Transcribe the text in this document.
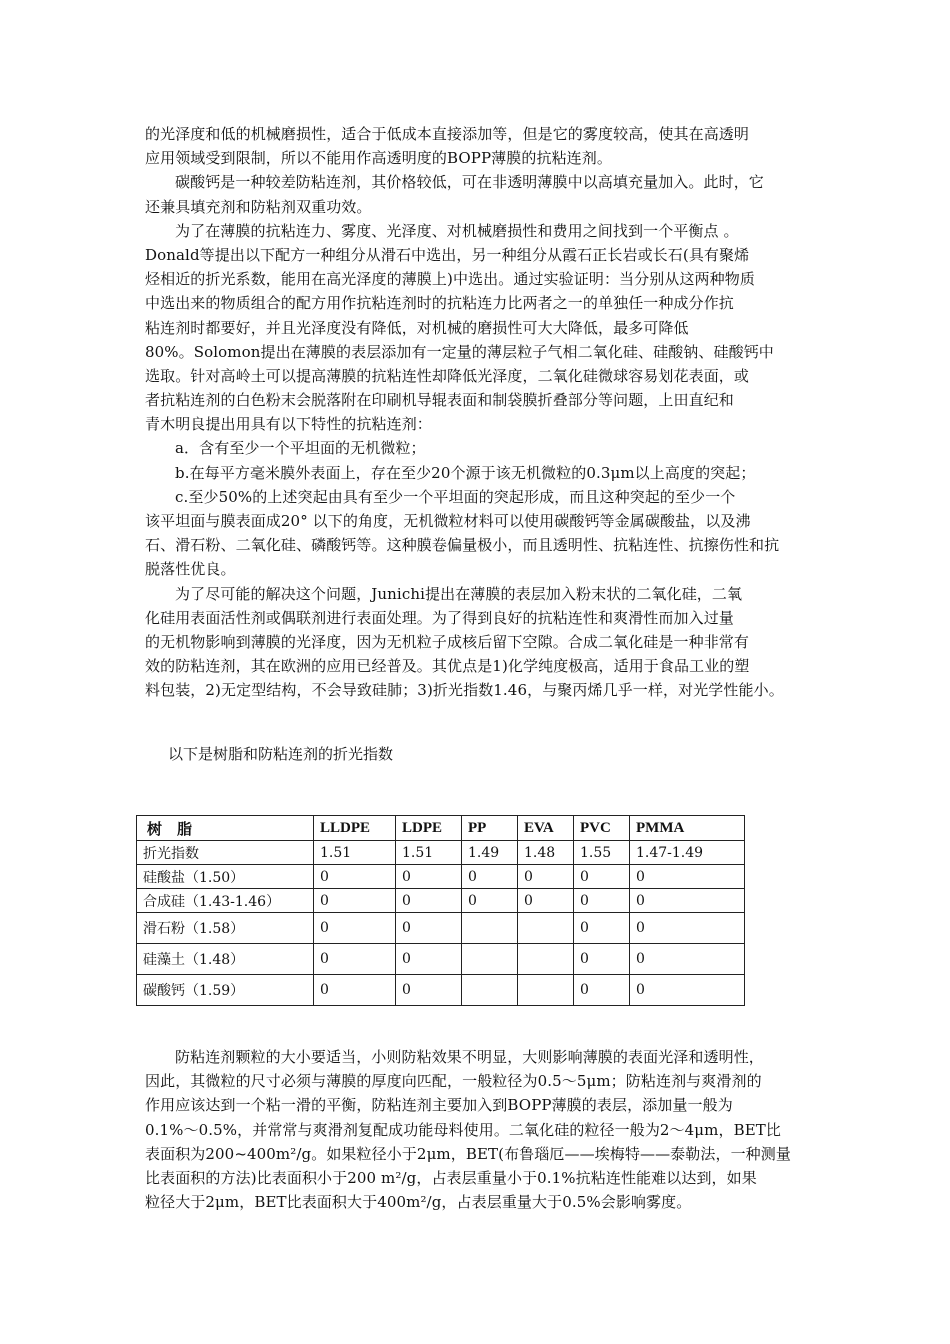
的光泽度和低的机械磨损性，适合于低成本直接添加等，但是它的雾度较高，使其在高透明
应用领域受到限制，所以不能用作高透明度的BOPP薄膜的抗粘连剂。
碳酸钙是一种较差防粘连剂，其价格较低，可在非透明薄膜中以高填充量加入。此时，它
还兼具填充剂和防粘剂双重功效。
为了在薄膜的抗粘连力、雾度、光泽度、对机械磨损性和费用之间找到一个平衡点 。
Donald等提出以下配方一种组分从滑石中选出，另一种组分从霞石正长岩或长石(具有聚烯
烃相近的折光系数，能用在高光泽度的薄膜上)中选出。通过实验证明：当分别从这两种物质
中选出来的物质组合的配方用作抗粘连剂时的抗粘连力比两者之一的单独任一种成分作抗
粘连剂时都要好，并且光泽度没有降低，对机械的磨损性可大大降低，最多可降低
80%。Solomon提出在薄膜的表层添加有一定量的薄层粒子气相二氧化硅、硅酸钠、硅酸钙中
选取。针对高岭土可以提高薄膜的抗粘连性却降低光泽度，二氧化硅微球容易划花表面，或
者抗粘连剂的白色粉末会脱落附在印刷机导辊表面和制袋膜折叠部分等问题，上田直纪和
青木明良提出用具有以下特性的抗粘连剂：
a．含有至少一个平坦面的无机微粒；
b.在每平方毫米膜外表面上，存在至少20个源于该无机微粒的0.3μm以上高度的突起；
c.至少50%的上述突起由具有至少一个平坦面的突起形成，而且这种突起的至少一个
该平坦面与膜表面成20° 以下的角度，无机微粒材料可以使用碳酸钙等金属碳酸盐，以及沸
石、滑石粉、二氧化硅、磷酸钙等。这种膜卷偏量极小，而且透明性、抗粘连性、抗擦伤性和抗
脱落性优良。
为了尽可能的解决这个问题，Junichi提出在薄膜的表层加入粉末状的二氧化硅，二氧
化硅用表面活性剂或偶联剂进行表面处理。为了得到良好的抗粘连性和爽滑性而加入过量
的无机物影响到薄膜的光泽度，因为无机粒子成核后留下空隙。合成二氧化硅是一种非常有
效的防粘连剂，其在欧洲的应用已经普及。其优点是1)化学纯度极高，适用于食品工业的塑
料包装，2)无定型结构，不会导致硅肺；3)折光指数1.46，与聚丙烯几乎一样，对光学性能小。
以下是树脂和防粘连剂的折光指数
树　脂	LLDPE	LDPE	PP	EVA	PVC	PMMA
折光指数	1.51	1.51	1.49	1.48	1.55	1.47-1.49
硅酸盐（1.50）	0	0	0	0	0	0
合成硅（1.43-1.46）	0	0	0	0	0	0
滑石粉（1.58）	0	0			0	0
硅藻土（1.48）	0	0			0	0
碳酸钙（1.59）	0	0			0	0
防粘连剂颗粒的大小要适当，小则防粘效果不明显，大则影响薄膜的表面光泽和透明性，
因此，其微粒的尺寸必须与薄膜的厚度向匹配，一般粒径为0.5～5μm；防粘连剂与爽滑剂的
作用应该达到一个粘一滑的平衡，防粘连剂主要加入到BOPP薄膜的表层，添加量一般为
0.1%～0.5%，并常常与爽滑剂复配成功能母料使用。二氧化硅的粒径一般为2～4μm，BET比
表面积为200~400m²/g。如果粒径小于2μm，BET(布鲁瑙厄——埃梅特——泰勒法，一种测量
比表面积的方法)比表面积小于200 m²/g，占表层重量小于0.1%抗粘连性能难以达到，如果
粒径大于2μm，BET比表面积大于400m²/g，占表层重量大于0.5%会影响雾度。
